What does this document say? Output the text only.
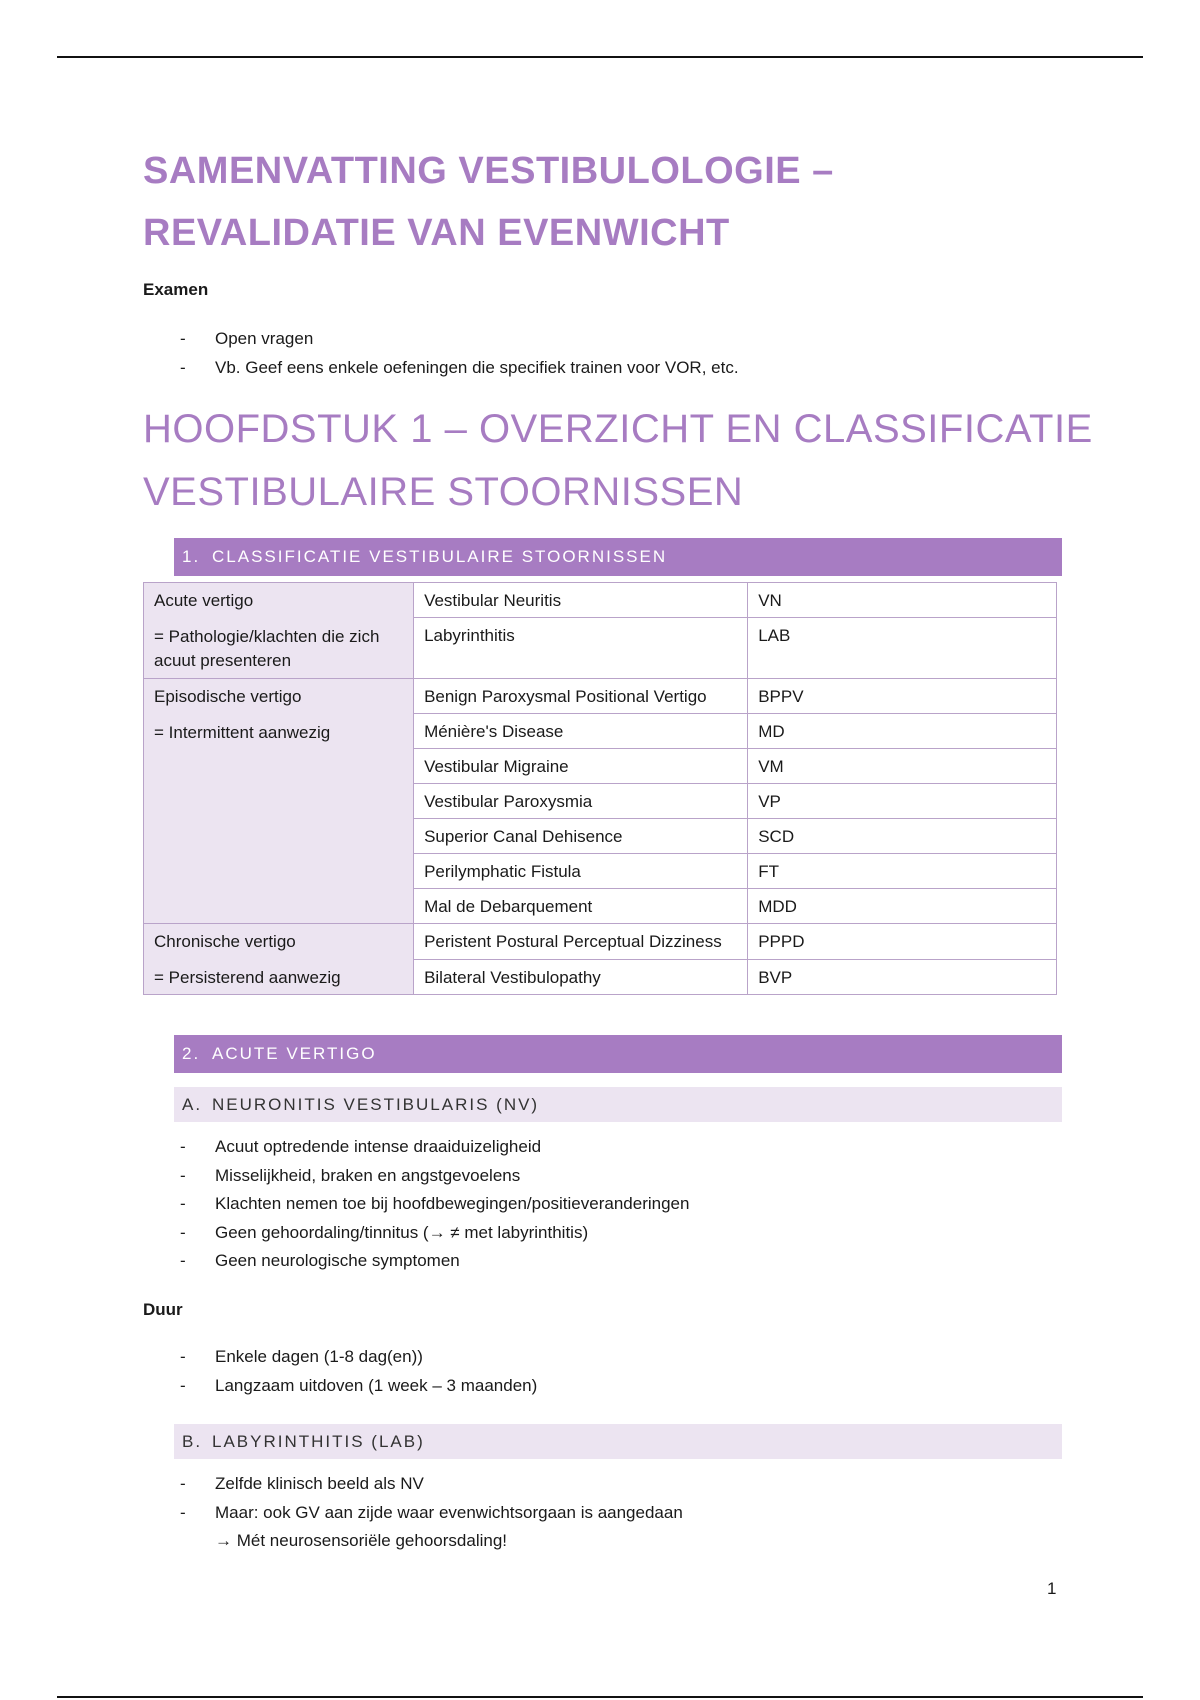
SAMENVATTING VESTIBULOLOGIE –
REVALIDATIE VAN EVENWICHT
Examen
- Open vragen
- Vb. Geef eens enkele oefeningen die specifiek trainen voor VOR, etc.
HOOFDSTUK 1 – OVERZICHT EN CLASSIFICATIE
VESTIBULAIRE STOORNISSEN
1. CLASSIFICATIE VESTIBULAIRE STOORNISSEN
Acute vertigo
= Pathologie/klachten die zich acuut presenteren	Vestibular Neuritis	VN
	Labyrinthitis	LAB
Episodische vertigo
= Intermittent aanwezig	Benign Paroxysmal Positional Vertigo	BPPV
	Ménière's Disease	MD
	Vestibular Migraine	VM
	Vestibular Paroxysmia	VP
	Superior Canal Dehisence	SCD
	Perilymphatic Fistula	FT
	Mal de Debarquement	MDD
Chronische vertigo
= Persisterend aanwezig	Peristent Postural Perceptual Dizziness	PPPD
	Bilateral Vestibulopathy	BVP
2. ACUTE VERTIGO
A. NEURONITIS VESTIBULARIS (NV)
- Acuut optredende intense draaiduizeligheid
- Misselijkheid, braken en angstgevoelens
- Klachten nemen toe bij hoofdbewegingen/positieveranderingen
- Geen gehoordaling/tinnitus (→ ≠ met labyrinthitis)
- Geen neurologische symptomen
Duur
- Enkele dagen (1-8 dag(en))
- Langzaam uitdoven (1 week – 3 maanden)
B. LABYRINTHITIS (LAB)
- Zelfde klinisch beeld als NV
- Maar: ook GV aan zijde waar evenwichtsorgaan is aangedaan
→ Mét neurosensoriële gehoorsdaling!
1
